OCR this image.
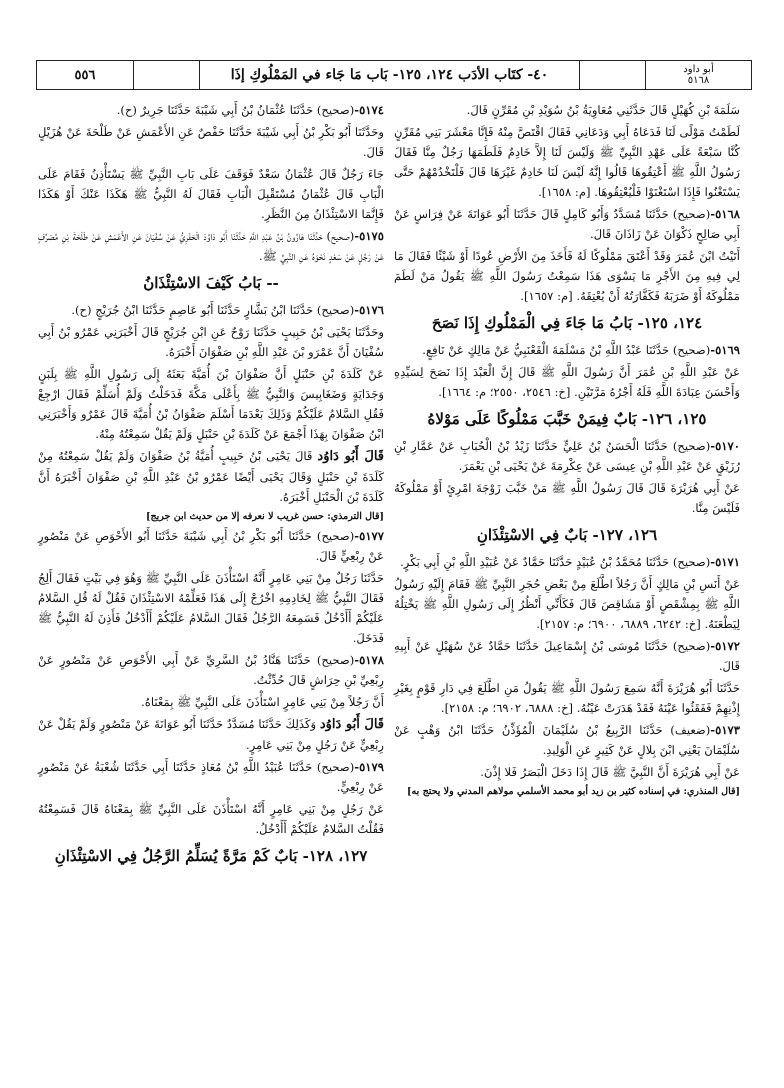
أبو داود
٥١٦٨
٤٠- كتَاب الأدَب ١٢٤، ١٢٥- بَاب مَا جَاء في المَمْلُوكِ إذَا
٥٥٦
سَلَمَةَ بْنِ كُهَيْلٍ قَالَ حَدَّثَنِي مُعَاوِيَةُ بْنُ سُوَيْدِ بْنِ مُقَرِّنٍ قَالَ.
لَطَمْتُ مَوْلًى لَنَا فَدَعَاهُ أَبِي وَدَعَانِي فَقَالَ اقْتَصَّ مِنْهُ فَإِنَّا مَعْشَرَ بَنِي مُقَرِّنٍ كُنَّا سَبْعَةً عَلَى عَهْدِ النَّبِيِّ ﷺ وَلَيْسَ لَنَا إِلاَّ خَادِمٌ فَلَطَمَهَا رَجُلٌ مِنَّا فَقَالَ رَسُولُ اللَّهِ ﷺ أَعْتِقُوهَا قَالُوا إِنَّهُ لَيْسَ لَنَا خَادِمٌ غَيْرَهَا قَالَ فَلْتَخْدُمْهُمْ حَتَّى يَسْتَغْنُوا فَإِذَا اسْتَغْنَوْا فَلْيُعْتِقُوهَا. [م: ١٦٥٨].
٥١٦٨-(صحيح) حَدَّثَنَا مُسَدَّدٌ وَأَبُو كَامِلٍ قَالَ حَدَّثَنَا أَبُو عَوَانَةَ عَنْ فِرَاسٍ عَنْ أَبِي صَالِحٍ ذَكْوَانَ عَنْ زَاذَانَ قَالَ.
أَتَيْتُ ابْنَ عُمَرَ وَقَدْ أَعْتَقَ مَمْلُوكًا لَهُ فَأَخَذَ مِنَ الأَرْضِ عُودًا أَوْ شَيْئًا فَقَالَ مَا لِي فِيهِ مِنَ الأَجْرِ مَا يَسْوَى هَذَا سَمِعْتُ رَسُولَ اللَّهِ ﷺ يَقُولُ مَنْ لَطَمَ مَمْلُوكَهُ أَوْ ضَرَبَهُ فَكَفَّارَتُهُ أَنْ يُعْتِقَهُ. [م: ١٦٥٧].
١٢٤، ١٢٥- بَابُ مَا جَاءَ فِي الْمَمْلُوكِ إِذَا نَصَحَ
٥١٦٩-(صحيح) حَدَّثَنَا عَبْدُ اللَّهِ بْنُ مَسْلَمَةَ الْقَعْنَبِيُّ عَنْ مَالِكٍ عَنْ نَافِعٍ.
عَنْ عَبْدِ اللَّهِ بْنِ عُمَرَ أَنَّ رَسُولَ اللَّهِ ﷺ قَالَ إِنَّ الْعَبْدَ إِذَا نَصَحَ لِسَيِّدِهِ وَأَحْسَنَ عِبَادَةَ اللَّهِ فَلَهُ أَجْرُهُ مَرَّتَيْنِ. [خ: ٢٥٤٦، ٢٥٥٠؛ م: ١٦٦٤].
١٢٥، ١٢٦- بَابٌ فِيمَنْ خَبَّبَ مَمْلُوكًا عَلَى مَوْلاهُ
٥١٧٠-(صحيح) حَدَّثَنَا الْحَسَنُ بْنُ عَلِيٍّ حَدَّثَنَا زَيْدُ بْنُ الْحُبَابِ عَنْ عَمَّارِ بْنِ رُزَيْقٍ عَنْ عَبْدِ اللَّهِ بْنِ عِيسَى عَنْ عِكْرِمَةَ عَنْ يَحْيَى بْنِ يَعْمَرَ.
عَنْ أَبِي هُرَيْرَةَ قَالَ قَالَ رَسُولُ اللَّهِ ﷺ مَنْ خَبَّبَ زَوْجَةَ امْرِئٍ أَوْ مَمْلُوكَهُ فَلَيْسَ مِنَّا.
١٢٦، ١٢٧- بَابٌ فِي الاسْتِئْذَانِ
٥١٧١-(صحيح) حَدَّثَنَا مُحَمَّدُ بْنُ عُبَيْدٍ حَدَّثَنَا حَمَّادٌ عَنْ عُبَيْدِ اللَّهِ بْنِ أَبِي بَكْرٍ.
عَنْ أَنَسِ بْنِ مَالِكٍ أَنَّ رَجُلاً اطَّلَعَ مِنْ بَعْضِ حُجَرِ النَّبِيِّ ﷺ فَقَامَ إِلَيْهِ رَسُولُ اللَّهِ ﷺ بِمِشْقَصٍ أَوْ مَشَاقِصَ قَالَ فَكَأَنِّي أَنْظُرُ إِلَى رَسُولِ اللَّهِ ﷺ يَخْتِلُهُ لِيَطْعَنَهُ. [خ: ٦٢٤٢، ٦٨٨٩، ٦٩٠٠؛ م: ٢١٥٧].
٥١٧٢-(صحيح) حَدَّثَنَا مُوسَى بْنُ إِسْمَاعِيلَ حَدَّثَنَا حَمَّادٌ عَنْ سُهَيْلٍ عَنْ أَبِيهِ قَالَ.
حَدَّثَنَا أَبُو هُرَيْرَةَ أَنَّهُ سَمِعَ رَسُولَ اللَّهِ ﷺ يَقُولُ مَنِ اطَّلَعَ فِي دَارِ قَوْمٍ بِغَيْرِ إِذْنِهِمْ فَفَقَئُوا عَيْنَهُ فَقَدْ هَدَرَتْ عَيْنُهُ. [خ: ٦٨٨٨، ٦٩٠٢؛ م: ٢١٥٨].
٥١٧٣-(ضعيف) حَدَّثَنَا الرَّبِيعُ بْنُ سُلَيْمَانَ الْمُؤَذِّنُ حَدَّثَنَا ابْنُ وَهْبٍ عَنْ سُلَيْمَانَ يَعْنِي ابْنَ بِلالٍ عَنْ كَثِيرٍ عَنِ الْوَلِيدِ.
عَنْ أَبِي هُرَيْرَةَ أَنَّ النَّبِيَّ ﷺ قَالَ إِذَا دَخَلَ الْبَصَرُ فَلا إِذْنَ.
[قال المنذري: في إسناده كثير بن زيد أبو محمد الأسلمي مولاهم المدني ولا يحتج به]
٥١٧٤-(صحيح) حَدَّثَنَا عُثْمَانُ بْنُ أَبِي شَيْبَةَ حَدَّثَنَا جَرِيرٌ (ح).
وحَدَّثَنَا أَبُو بَكْرِ بْنُ أَبِي شَيْبَةَ حَدَّثَنَا حَفْصٌ عَنِ الأَعْمَشِ عَنْ طَلْحَةَ عَنْ هُزَيْلٍ قَالَ.
جَاءَ رَجُلٌ قَالَ عُثْمَانُ سَعْدٌ فَوَقَفَ عَلَى بَابِ النَّبِيِّ ﷺ يَسْتَأْذِنُ فَقَامَ عَلَى الْبَابِ قَالَ عُثْمَانُ مُسْتَقْبِلَ الْبَابِ فَقَالَ لَهُ النَّبِيُّ ﷺ هَكَذَا عَنْكَ أَوْ هَكَذَا فَإِنَّمَا الاسْتِئْذَانُ مِنَ النَّظَرِ.
٥١٧٥-(صحيح) حَدَّثَنَا هَارُونُ بْنُ عَبْدِ اللَّهِ حَدَّثَنَا أَبُو دَاوُدَ الْحَفَرِيُّ عَنْ سُفْيَانَ عَنِ الأَعْمَشِ عَنْ طَلْحَةَ بْنِ مُصَرِّفٍ عَنْ رَجُلٍ عَنْ سَعْدٍ نَحْوَهُ عَنِ النَّبِيِّ ﷺ.
-- بَابُ كَيْفَ الاسْتِئْذَانُ
٥١٧٦-(صحيح) حَدَّثَنَا ابْنُ بَشَّارٍ حَدَّثَنَا أَبُو عَاصِمٍ حَدَّثَنَا ابْنُ جُرَيْجٍ (ح).
وحَدَّثَنَا يَحْيَى بْنُ حَبِيبٍ حَدَّثَنَا رَوْحٌ عَنِ ابْنِ جُرَيْجٍ قَالَ أَخْبَرَنِي عَمْرُو بْنُ أَبِي سُفْيَانَ أَنَّ عَمْرَو بْنَ عَبْدِ اللَّهِ بْنِ صَفْوَانَ أَخْبَرَهُ.
عَنْ كَلَدَةَ بْنِ حَنْبَلٍ أَنَّ صَفْوَانَ بْنَ أُمَيَّةَ بَعَثَهُ إِلَى رَسُولِ اللَّهِ ﷺ بِلَبَنٍ وَجَدَايَةٍ وَضَغَابِيسَ وَالنَّبِيُّ ﷺ بِأَعْلَى مَكَّةَ فَدَخَلْتُ وَلَمْ أُسَلِّمْ فَقَالَ ارْجِعْ فَقُلِ السَّلامُ عَلَيْكُمْ وَذَلِكَ بَعْدَمَا أَسْلَمَ صَفْوَانُ بْنُ أُمَيَّةَ قَالَ عَمْرٌو وَأَخْبَرَنِي ابْنُ صَفْوَانَ بِهَذَا أَجْمَعَ عَنْ كَلَدَةَ بْنِ حَنْبَلٍ وَلَمْ يَقُلْ سَمِعْتُهُ مِنْهُ.
قَالَ أَبُو دَاوُد قَالَ يَحْيَى بْنُ حَبِيبٍ أُمَيَّةُ بْنُ صَفْوَانَ وَلَمْ يَقُلْ سَمِعْتُهُ مِنْ كَلَدَةَ بْنِ حَنْبَلٍ وَقَالَ يَحْيَى أَيْضًا عَمْرُو بْنُ عَبْدِ اللَّهِ بْنِ صَفْوَانَ أَخْبَرَهُ أَنَّ كَلَدَةَ بْنَ الْحَنْبَلِ أَخْبَرَهُ.
[قال الترمذي: حسن غريب لا نعرفه إلا من حديث ابن جريج]
٥١٧٧-(صحيح) حَدَّثَنَا أَبُو بَكْرِ بْنُ أَبِي شَيْبَةَ حَدَّثَنَا أَبُو الأَحْوَصِ عَنْ مَنْصُورٍ عَنْ رِبْعِيٍّ قَالَ.
حَدَّثَنَا رَجُلٌ مِنْ بَنِي عَامِرٍ أَنَّهُ اسْتَأْذَنَ عَلَى النَّبِيِّ ﷺ وَهُوَ فِي بَيْتٍ فَقَالَ أَلِجُ فَقَالَ النَّبِيُّ ﷺ لِخَادِمِهِ اخْرُجْ إِلَى هَذَا فَعَلِّمْهُ الاسْتِئْذَانَ فَقُلْ لَهُ قُلِ السَّلامُ عَلَيْكُمْ أَأَدْخُلُ فَسَمِعَهُ الرَّجُلُ فَقَالَ السَّلامُ عَلَيْكُمْ أَأَدْخُلُ فَأَذِنَ لَهُ النَّبِيُّ ﷺ فَدَخَلَ.
٥١٧٨-(صحيح) حَدَّثَنَا هَنَّادُ بْنُ السَّرِيِّ عَنْ أَبِي الأَحْوَصِ عَنْ مَنْصُورٍ عَنْ رِبْعِيِّ بْنِ حِرَاشٍ قَالَ حُدِّثْتُ.
أَنَّ رَجُلاً مِنْ بَنِي عَامِرٍ اسْتَأْذَنَ عَلَى النَّبِيِّ ﷺ بِمَعْنَاهُ.
قَالَ أَبُو دَاوُد وَكَذَلِكَ حَدَّثَنَا مُسَدَّدٌ حَدَّثَنَا أَبُو عَوَانَةَ عَنْ مَنْصُورٍ وَلَمْ يَقُلْ عَنْ رِبْعِيٍّ عَنْ رَجُلٍ مِنْ بَنِي عَامِرٍ.
٥١٧٩-(صحيح) حَدَّثَنَا عُبَيْدُ اللَّهِ بْنُ مُعَاذٍ حَدَّثَنَا أَبِي حَدَّثَنَا شُعْبَةُ عَنْ مَنْصُورٍ عَنْ رِبْعِيٍّ.
عَنْ رَجُلٍ مِنْ بَنِي عَامِرٍ أَنَّهُ اسْتَأْذَنَ عَلَى النَّبِيِّ ﷺ بِمَعْنَاهُ قَالَ فَسَمِعْتُهُ فَقُلْتُ السَّلامُ عَلَيْكُمْ أَأَدْخُلُ.
١٢٧، ١٢٨- بَابٌ كَمْ مَرَّةً يُسَلِّمُ الرَّجُلُ فِي الاسْتِئْذَانِ
